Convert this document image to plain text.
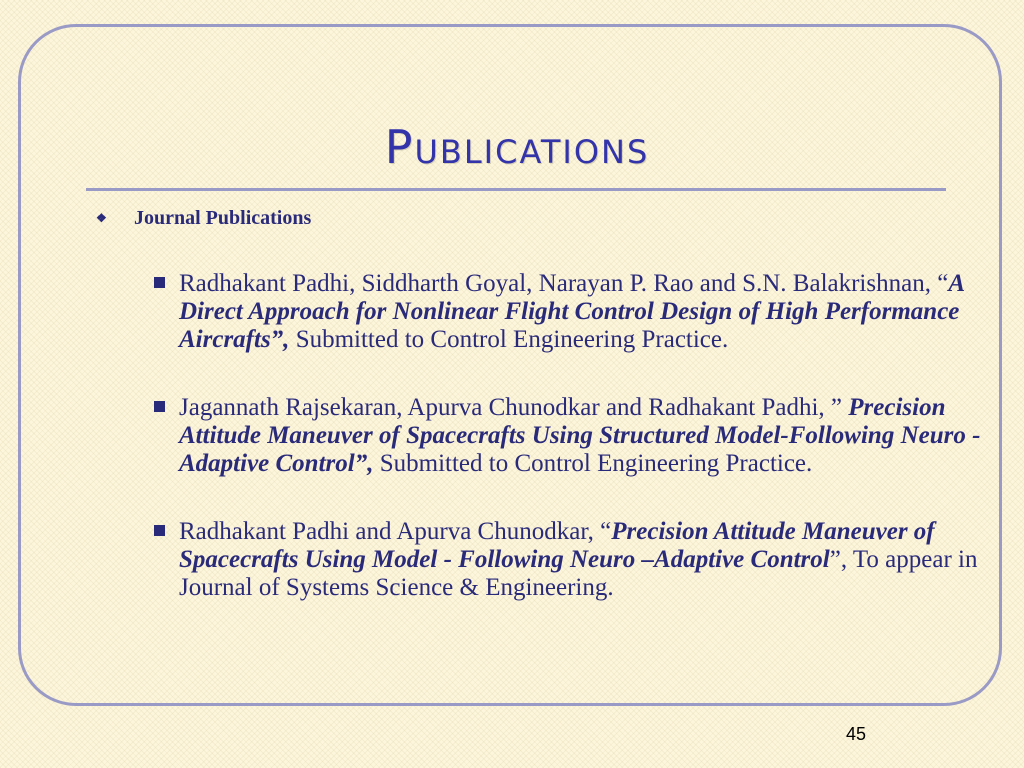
Publications
❖ Journal Publications
Radhakant Padhi, Siddharth Goyal, Narayan P. Rao and S.N. Balakrishnan, “A Direct Approach for Nonlinear Flight Control Design of High Performance Aircrafts”, Submitted to Control Engineering Practice.
Jagannath Rajsekaran, Apurva Chunodkar and Radhakant Padhi, ” Precision Attitude Maneuver of Spacecrafts Using Structured Model-Following Neuro -Adaptive Control”, Submitted to Control Engineering Practice.
Radhakant Padhi and Apurva Chunodkar, “Precision Attitude Maneuver of Spacecrafts Using Model - Following Neuro –Adaptive Control”, To appear in Journal of Systems Science & Engineering.
45
